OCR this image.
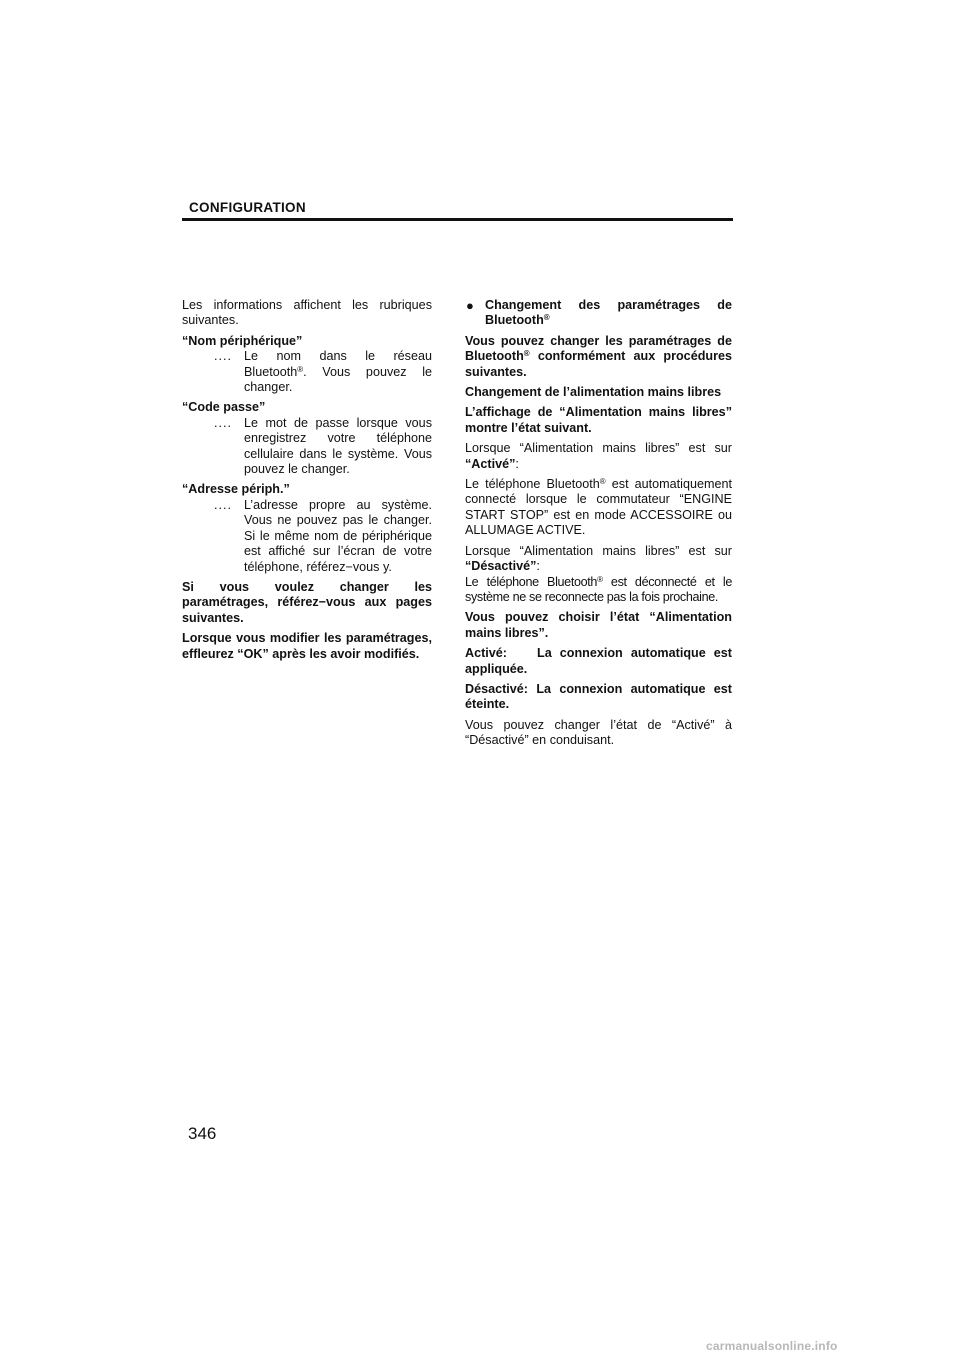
CONFIGURATION

Les informations affichent les rubriques suivantes.

“Nom périphérique”
.... Le nom dans le réseau Bluetooth®. Vous pouvez le changer.
“Code passe”
.... Le mot de passe lorsque vous enregistrez votre téléphone cellulaire dans le système. Vous pouvez le changer.
“Adresse périph.”
.... L’adresse propre au système. Vous ne pouvez pas le changer. Si le même nom de périphérique est affiché sur l’écran de votre téléphone, référez−vous y.

Si vous voulez changer les paramétrages, référez−vous aux pages suivantes.

Lorsque vous modifier les paramétrages, effleurez “OK” après les avoir modifiés.

● Changement des paramétrages de Bluetooth®

Vous pouvez changer les paramétrages de Bluetooth® conformément aux procédures suivantes.

Changement de l’alimentation mains libres

L’affichage de “Alimentation mains libres” montre l’état suivant.

Lorsque “Alimentation mains libres” est sur “Activé”:

Le téléphone Bluetooth® est automatiquement connecté lorsque le commutateur “ENGINE START STOP” est en mode ACCESSOIRE ou ALLUMAGE ACTIVE.

Lorsque “Alimentation mains libres” est sur “Désactivé”:

Le téléphone Bluetooth® est déconnecté et le système ne se reconnecte pas la fois prochaine.

Vous pouvez choisir l’état “Alimentation mains libres”.

Activé: La connexion automatique est appliquée.

Désactivé: La connexion automatique est éteinte.

Vous pouvez changer l’état de “Activé” à “Désactivé” en conduisant.

346
carmanualsonline.info
